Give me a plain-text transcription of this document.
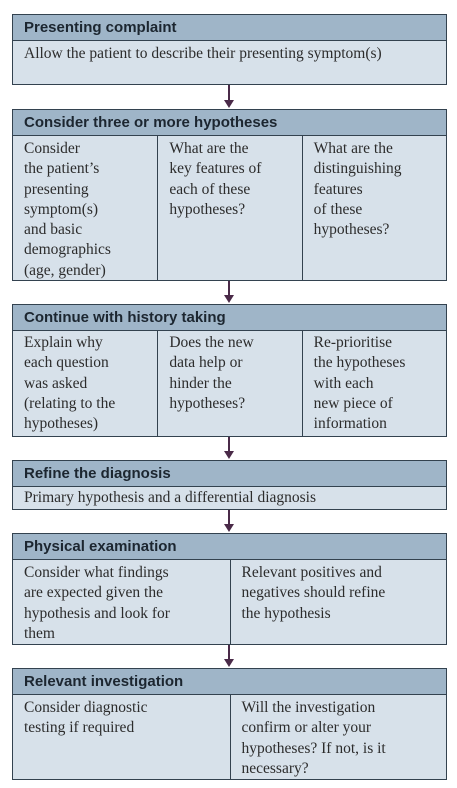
Presenting complaint
Allow the patient to describe their presenting symptom(s)
Consider three or more hypotheses
Consider
the patient’s
presenting
symptom(s)
and basic
demographics
(age, gender)
What are the
key features of
each of these
hypotheses?
What are the
distinguishing
features
of these
hypotheses?
Continue with history taking
Explain why
each question
was asked
(relating to the
hypotheses)
Does the new
data help or
hinder the
hypotheses?
Re-prioritise
the hypotheses
with each
new piece of
information
Refine the diagnosis
Primary hypothesis and a differential diagnosis
Physical examination
Consider what findings
are expected given the
hypothesis and look for
them
Relevant positives and
negatives should refine
the hypothesis
Relevant investigation
Consider diagnostic
testing if required
Will the investigation
confirm or alter your
hypotheses? If not, is it
necessary?
